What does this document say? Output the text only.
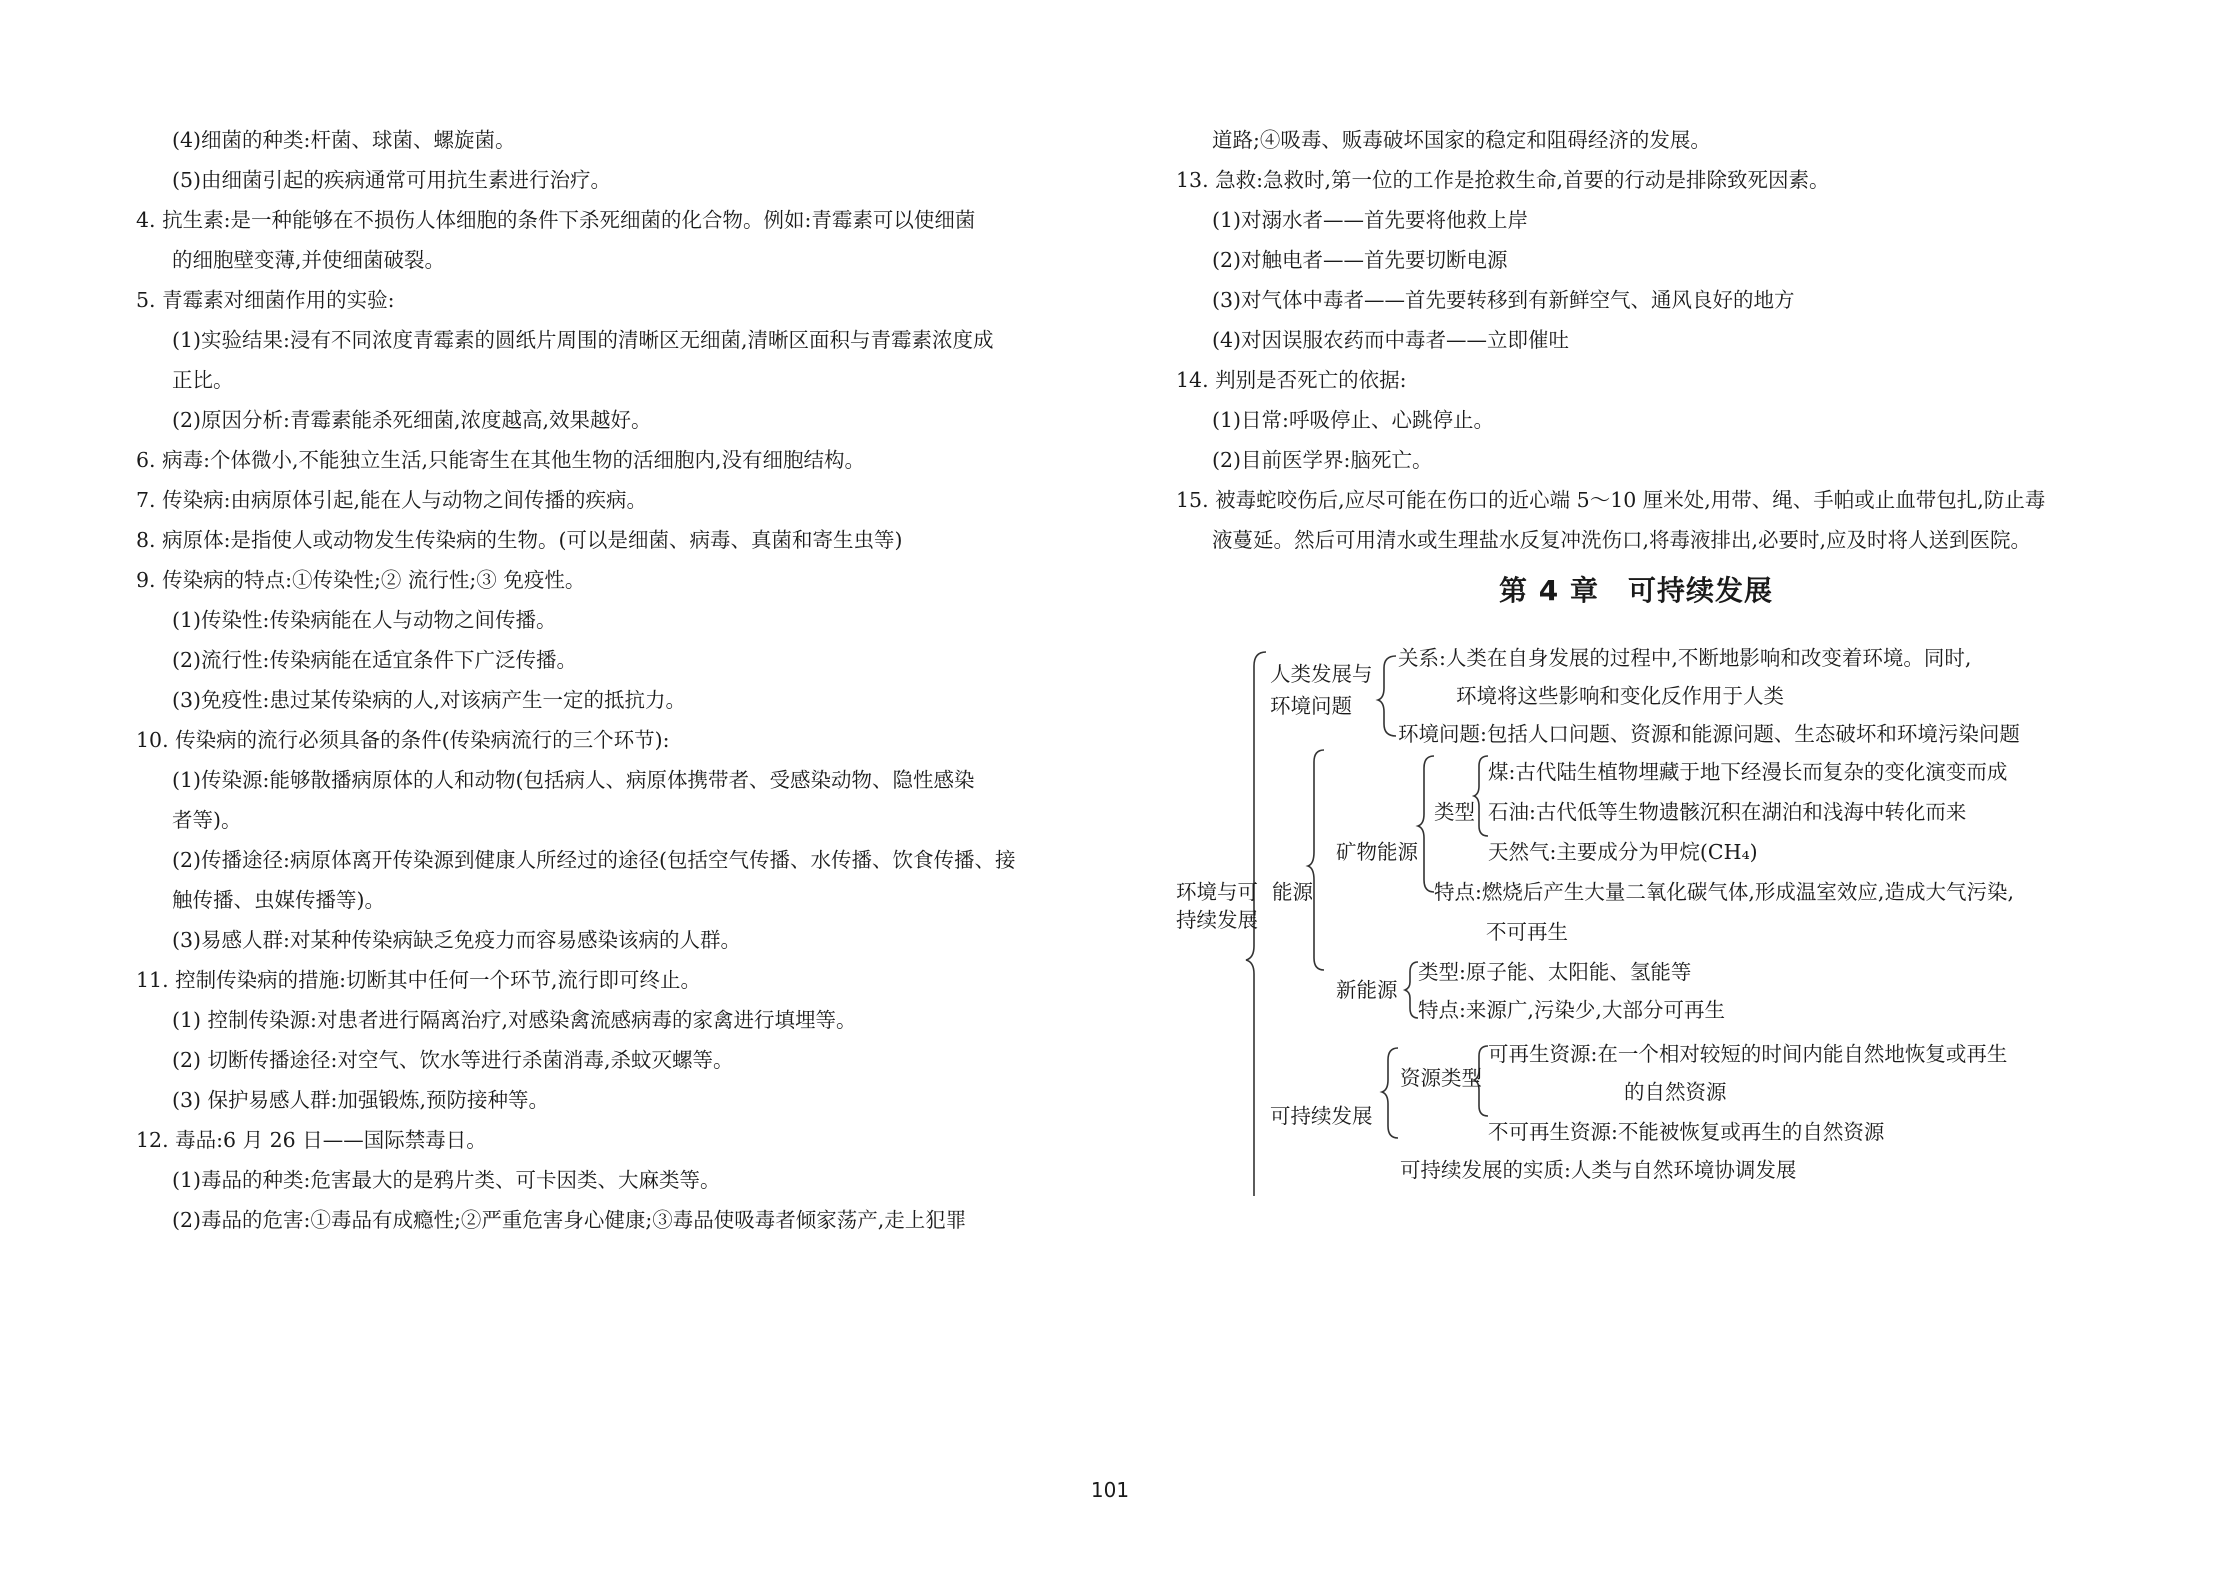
(4)细菌的种类:杆菌、球菌、螺旋菌。
(5)由细菌引起的疾病通常可用抗生素进行治疗。
4. 抗生素:是一种能够在不损伤人体细胞的条件下杀死细菌的化合物。例如:青霉素可以使细菌
的细胞壁变薄,并使细菌破裂。
5. 青霉素对细菌作用的实验:
(1)实验结果:浸有不同浓度青霉素的圆纸片周围的清晰区无细菌,清晰区面积与青霉素浓度成
正比。
(2)原因分析:青霉素能杀死细菌,浓度越高,效果越好。
6. 病毒:个体微小,不能独立生活,只能寄生在其他生物的活细胞内,没有细胞结构。
7. 传染病:由病原体引起,能在人与动物之间传播的疾病。
8. 病原体:是指使人或动物发生传染病的生物。(可以是细菌、病毒、真菌和寄生虫等)
9. 传染病的特点:①传染性;② 流行性;③ 免疫性。
(1)传染性:传染病能在人与动物之间传播。
(2)流行性:传染病能在适宜条件下广泛传播。
(3)免疫性:患过某传染病的人,对该病产生一定的抵抗力。
10. 传染病的流行必须具备的条件(传染病流行的三个环节):
(1)传染源:能够散播病原体的人和动物(包括病人、病原体携带者、受感染动物、隐性感染
者等)。
(2)传播途径:病原体离开传染源到健康人所经过的途径(包括空气传播、水传播、饮食传播、接
触传播、虫媒传播等)。
(3)易感人群:对某种传染病缺乏免疫力而容易感染该病的人群。
11. 控制传染病的措施:切断其中任何一个环节,流行即可终止。
(1) 控制传染源:对患者进行隔离治疗,对感染禽流感病毒的家禽进行填埋等。
(2) 切断传播途径:对空气、饮水等进行杀菌消毒,杀蚊灭螺等。
(3) 保护易感人群:加强锻炼,预防接种等。
12. 毒品:6 月 26 日——国际禁毒日。
(1)毒品的种类:危害最大的是鸦片类、可卡因类、大麻类等。
(2)毒品的危害:①毒品有成瘾性;②严重危害身心健康;③毒品使吸毒者倾家荡产,走上犯罪
道路;④吸毒、贩毒破坏国家的稳定和阻碍经济的发展。
13. 急救:急救时,第一位的工作是抢救生命,首要的行动是排除致死因素。
(1)对溺水者——首先要将他救上岸
(2)对触电者——首先要切断电源
(3)对气体中毒者——首先要转移到有新鲜空气、通风良好的地方
(4)对因误服农药而中毒者——立即催吐
14. 判别是否死亡的依据:
(1)日常:呼吸停止、心跳停止。
(2)目前医学界:脑死亡。
15. 被毒蛇咬伤后,应尽可能在伤口的近心端 5～10 厘米处,用带、绳、手帕或止血带包扎,防止毒
液蔓延。然后可用清水或生理盐水反复冲洗伤口,将毒液排出,必要时,应及时将人送到医院。
第 4 章　可持续发展
环境与可
持续发展
人类发展与
环境问题
关系:人类在自身发展的过程中,不断地影响和改变着环境。同时,
环境将这些影响和变化反作用于人类
环境问题:包括人口问题、资源和能源问题、生态破坏和环境污染问题
能源
矿物能源
类型
煤:古代陆生植物埋藏于地下经漫长而复杂的变化演变而成
石油:古代低等生物遗骸沉积在湖泊和浅海中转化而来
天然气:主要成分为甲烷(CH₄)
特点:燃烧后产生大量二氧化碳气体,形成温室效应,造成大气污染,
不可再生
新能源
类型:原子能、太阳能、氢能等
特点:来源广,污染少,大部分可再生
可持续发展
资源类型
可再生资源:在一个相对较短的时间内能自然地恢复或再生
的自然资源
不可再生资源:不能被恢复或再生的自然资源
可持续发展的实质:人类与自然环境协调发展
101
